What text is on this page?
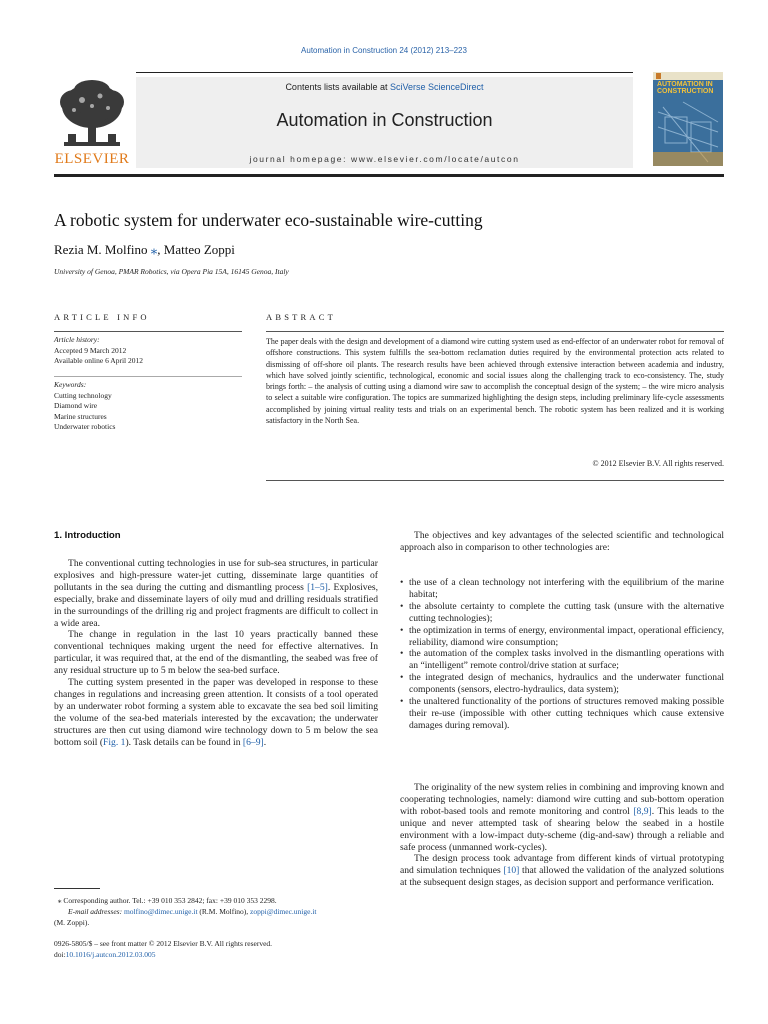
Automation in Construction 24 (2012) 213–223
Contents lists available at SciVerse ScienceDirect
Automation in Construction
journal homepage: www.elsevier.com/locate/autcon
ELSEVIER
AUTOMATION IN CONSTRUCTION
A robotic system for underwater eco-sustainable wire-cutting
Rezia M. Molfino ⁎, Matteo Zoppi
University of Genoa, PMAR Robotics, via Opera Pia 15A, 16145 Genoa, Italy
ARTICLE INFO
Article history:
Accepted 9 March 2012
Available online 6 April 2012
Keywords:
Cutting technology
Diamond wire
Marine structures
Underwater robotics
ABSTRACT
The paper deals with the design and development of a diamond wire cutting system used as end-effector of an underwater robot for removal of offshore constructions. This system fulfills the sea-bottom reclamation duties required by the environmental protection acts related to dismissing of off-shore oil plants. The research results have been achieved through extensive interaction between academia and industry, which have solved jointly scientific, technological, economic and social issues along the challenging track to eco-consistency. The, study brings forth: – the analysis of cutting using a diamond wire saw to accomplish the conceptual design of the system; – the wire micro analysis to select a suitable wire configuration. The topics are summarized highlighting the design steps, including preliminary life-cycle assessments accomplished by joining virtual reality tests and trials on an experimental bench. The robotic system has been realized and it is working satisfactory in the North Sea.
© 2012 Elsevier B.V. All rights reserved.
1. Introduction

The conventional cutting technologies in use for sub-sea structures, in particular explosives and high-pressure water-jet cutting, disseminate large quantities of pollutants in the sea during the cutting and dismantling process [1–5]. Explosives, especially, brake and disseminate layers of oily mud and drilling residuals stratified in the surroundings of the drilling rig and project fragments are difficult to collect in a wide area.

The change in regulation in the last 10 years practically banned these conventional techniques making urgent the need for effective alternatives. In particular, it was required that, at the end of the dismantling, the seabed was free of any residual structure up to 5 m below the sea-bed surface.

The cutting system presented in the paper was developed in response to these changes in regulations and increasing green attention. It consists of a tool operated by an underwater robot forming a system able to excavate the sea bed soil limiting the volume of the sea-bed materials interested by the excavation; the underwater structures are then cut using diamond wire technology down to 5 m below the sea bottom soil (Fig. 1). Task details can be found in [6–9].

The objectives and key advantages of the selected scientific and technological approach also in comparison to other technologies are:

• the use of a clean technology not interfering with the equilibrium of the marine habitat;
• the absolute certainty to complete the cutting task (unsure with the alternative cutting technologies);
• the optimization in terms of energy, environmental impact, operational efficiency, reliability, diamond wire consumption;
• the automation of the complex tasks involved in the dismantling operations with an “intelligent” remote control/drive station at surface;
• the integrated design of mechanics, hydraulics and the underwater functional components (sensors, electro-hydraulics, data system);
• the unaltered functionality of the portions of structures removed making possible their re-use (impossible with other cutting techniques which cause extensive damages during removal).

The originality of the new system relies in combining and improving known and cooperating technologies, namely: diamond wire cutting and sub-bottom operation with robot-based tools and remote monitoring and control [8,9]. This leads to the unique and never attempted task of shearing below the seabed in a hostile environment with a low-impact duty-scheme (dig-and-saw) through a reliable and safe process (unmanned work-cycles).

The design process took advantage from different kinds of virtual prototyping and simulation techniques [10] that allowed the validation of the analyzed solutions at the subsequent design stages, as decision support and performance verification.

⁎ Corresponding author. Tel.: +39 010 353 2842; fax: +39 010 353 2298.
E-mail addresses: molfino@dimec.unige.it (R.M. Molfino), zoppi@dimec.unige.it
(M. Zoppi).
0926-5805/$ – see front matter © 2012 Elsevier B.V. All rights reserved.
doi:10.1016/j.autcon.2012.03.005
